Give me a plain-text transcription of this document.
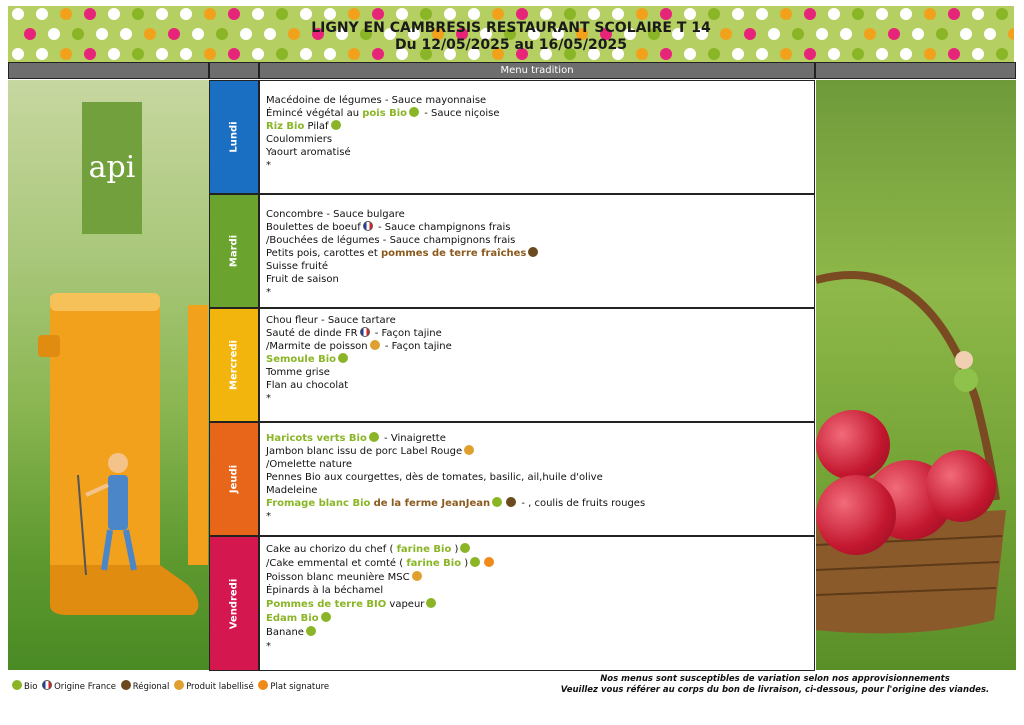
LIGNY EN CAMBRESIS RESTAURANT SCOLAIRE T 14
Du 12/05/2025 au 16/05/2025
Menu tradition
api
Lundi
Mardi
Mercredi
Jeudi
Vendredi
Macédoine de légumes - Sauce mayonnaise
Émincé végétal au pois Bio - Sauce niçoise
Riz Bio Pilaf
Coulommiers
Yaourt aromatisé
*
Concombre - Sauce bulgare
Boulettes de boeuf - Sauce champignons frais
/Bouchées de légumes - Sauce champignons frais
Petits pois, carottes et pommes de terre fraîches
Suisse fruité
Fruit de saison
*
Chou fleur - Sauce tartare
Sauté de dinde FR - Façon tajine
/Marmite de poisson - Façon tajine
Semoule Bio
Tomme grise
Flan au chocolat
*
Haricots verts Bio - Vinaigrette
Jambon blanc issu de porc Label Rouge
/Omelette nature
Pennes Bio aux courgettes, dès de tomates, basilic, ail,huile d'olive
Madeleine
Fromage blanc Bio de la ferme JeanJean	- , coulis de fruits rouges
*
Cake au chorizo du chef ( farine Bio )
/Cake emmental et comté ( farine Bio )
Poisson blanc meunière MSC
Épinards à la béchamel
Pommes de terre BIO vapeur
Edam Bio
Banane
*
Bio Origine France Régional Produit labellisé Plat signature
Nos menus sont susceptibles de variation selon nos approvisionnements
Veuillez vous référer au corps du bon de livraison, ci-dessous, pour l'origine des viandes.
